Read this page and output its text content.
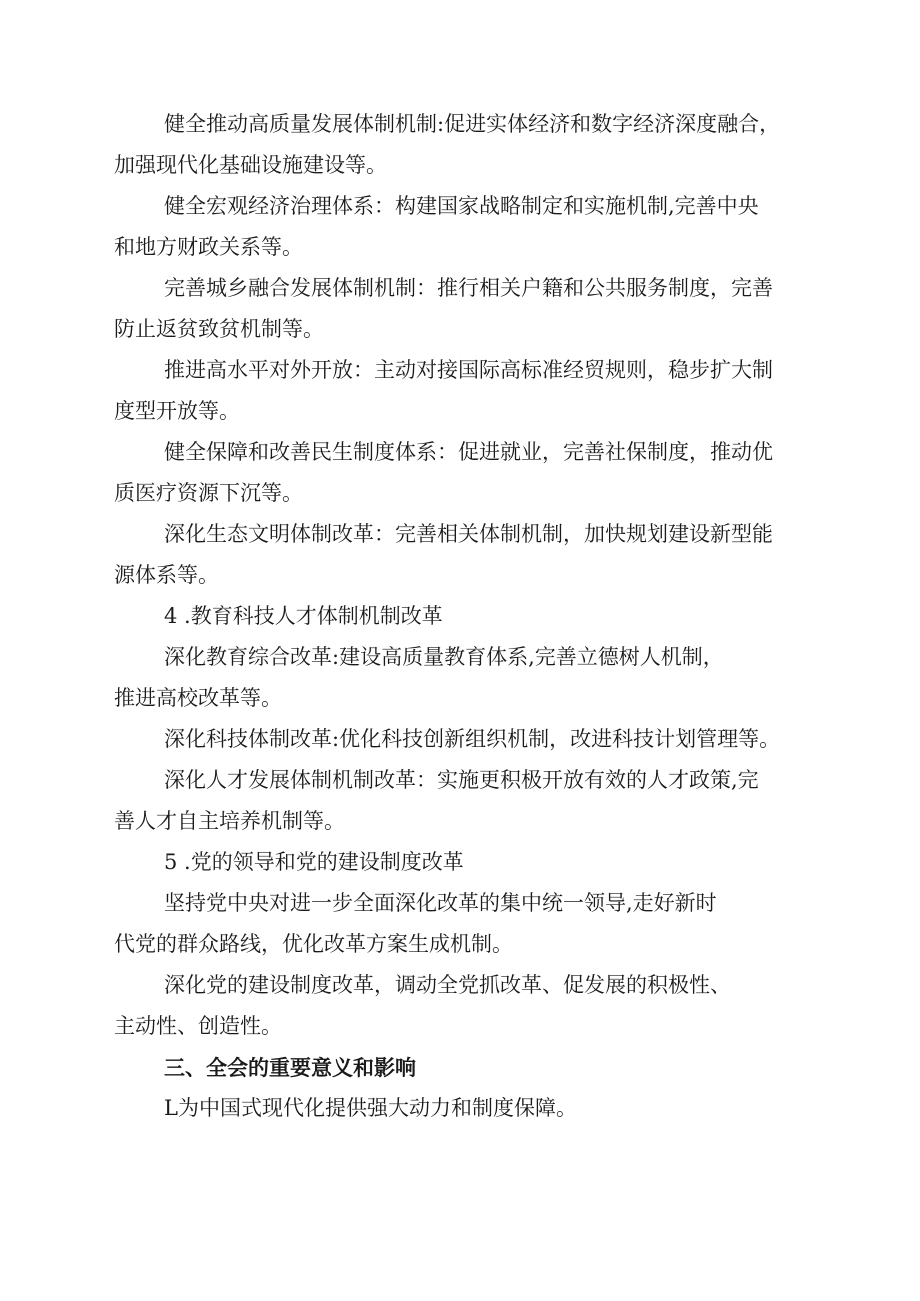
健全推动高质量发展体制机制:促进实体经济和数字经济深度融合，
加强现代化基础设施建设等。

健全宏观经济治理体系：构建国家战略制定和实施机制,完善中央
和地方财政关系等。

完善城乡融合发展体制机制：推行相关户籍和公共服务制度，完善
防止返贫致贫机制等。

推进高水平对外开放：主动对接国际高标准经贸规则，稳步扩大制
度型开放等。

健全保障和改善民生制度体系：促进就业，完善社保制度，推动优
质医疗资源下沉等。

深化生态文明体制改革：完善相关体制机制，加快规划建设新型能
源体系等。

4 .教育科技人才体制机制改革

深化教育综合改革:建设高质量教育体系,完善立德树人机制，
推进高校改革等。

深化科技体制改革:优化科技创新组织机制，改进科技计划管理等。

深化人才发展体制机制改革：实施更积极开放有效的人才政策,完
善人才自主培养机制等。

5 .党的领导和党的建设制度改革

坚持党中央对进一步全面深化改革的集中统一领导,走好新时
代党的群众路线，优化改革方案生成机制。

深化党的建设制度改革，调动全党抓改革、促发展的积极性、
主动性、创造性。

三、全会的重要意义和影响

L为中国式现代化提供强大动力和制度保障。
